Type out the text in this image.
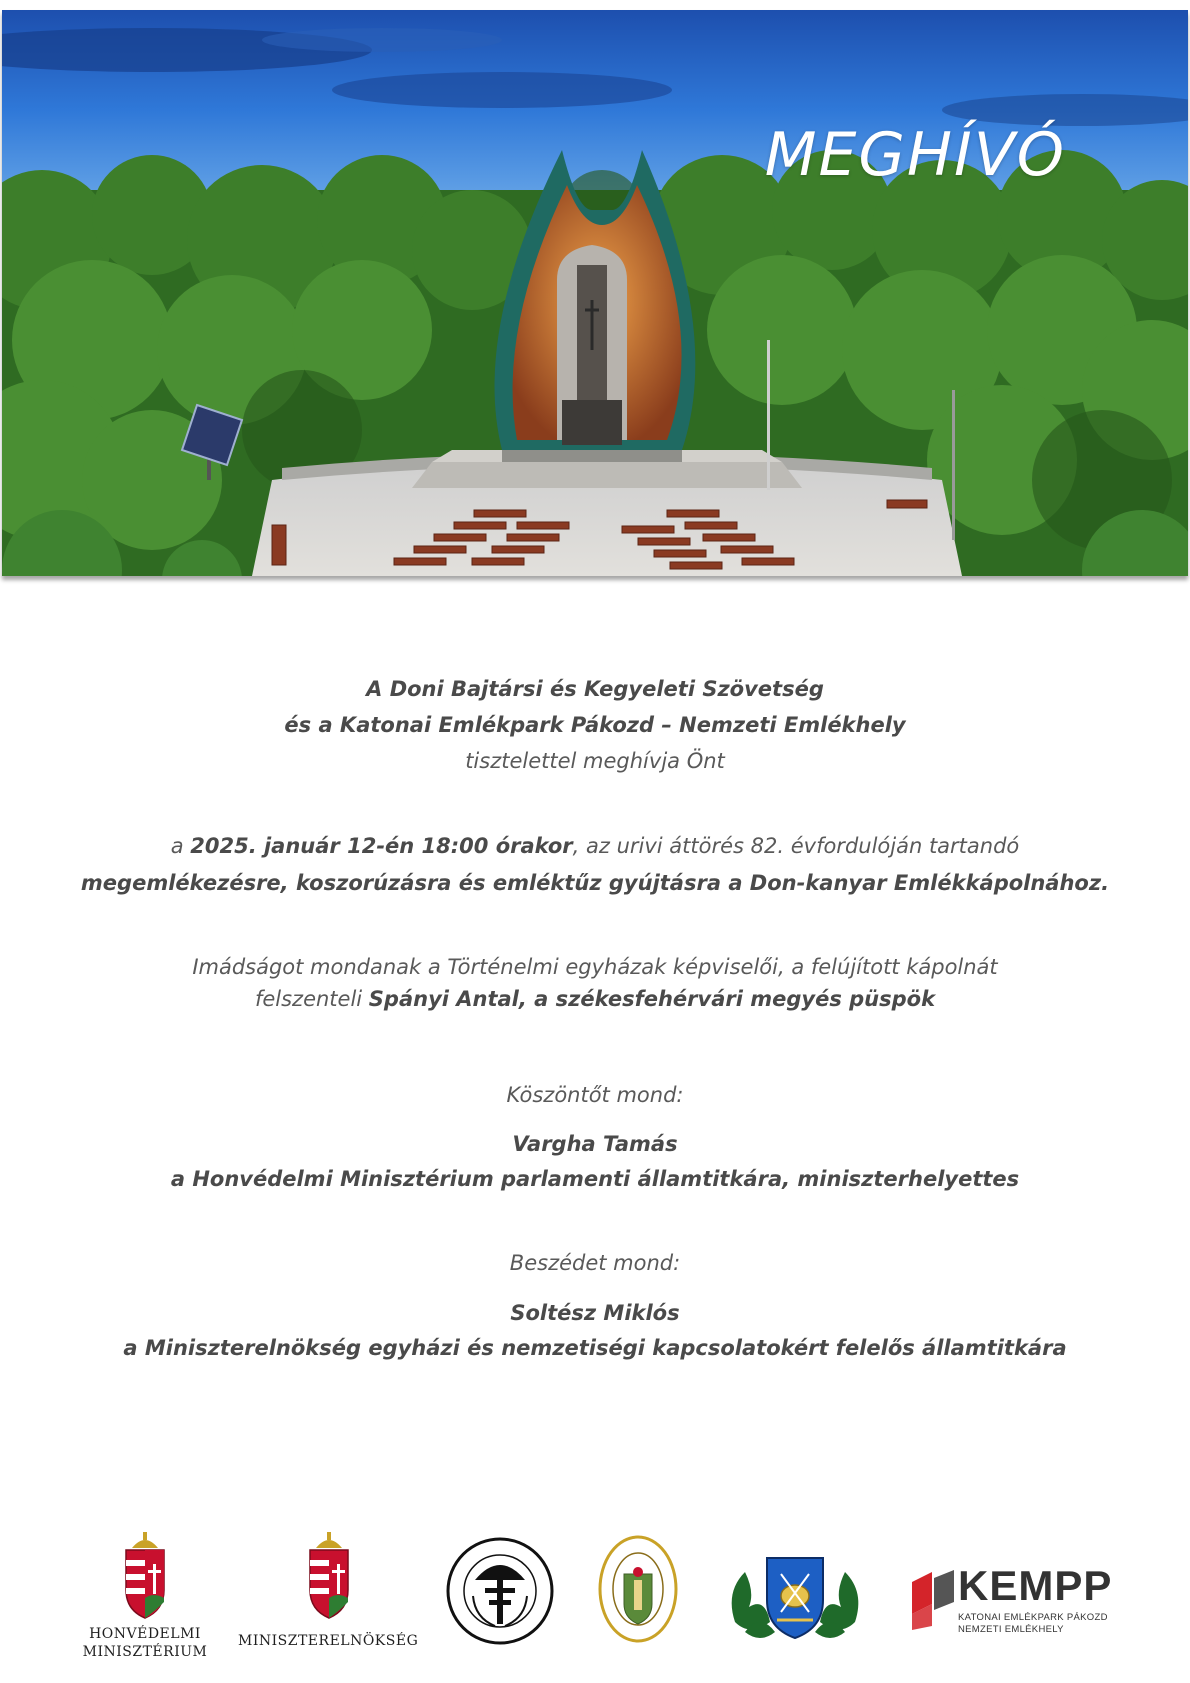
MEGHÍVÓ
A Doni Bajtársi és Kegyeleti Szövetség
és a Katonai Emlékpark Pákozd – Nemzeti Emlékhely
tisztelettel meghívja Önt
a 2025. január 12-én 18:00 órakor, az urivi áttörés 82. évfordulóján tartandó
megemlékezésre, koszorúzásra és emléktűz gyújtásra a Don-kanyar Emlékkápolnához.
Imádságot mondanak a Történelmi egyházak képviselői, a felújított kápolnát
felszenteli Spányi Antal, a székesfehérvári megyés püspök
Köszöntőt mond:
Vargha Tamás
a Honvédelmi Minisztérium parlamenti államtitkára, miniszterhelyettes
Beszédet mond:
Soltész Miklós
a Miniszterelnökség egyházi és nemzetiségi kapcsolatokért felelős államtitkára
HONVÉDELMI
MINISZTÉRIUM
MINISZTERELNÖKSÉG
KEMPP
KATONAI EMLÉKPARK PÁKOZD
NEMZETI EMLÉKHELY
